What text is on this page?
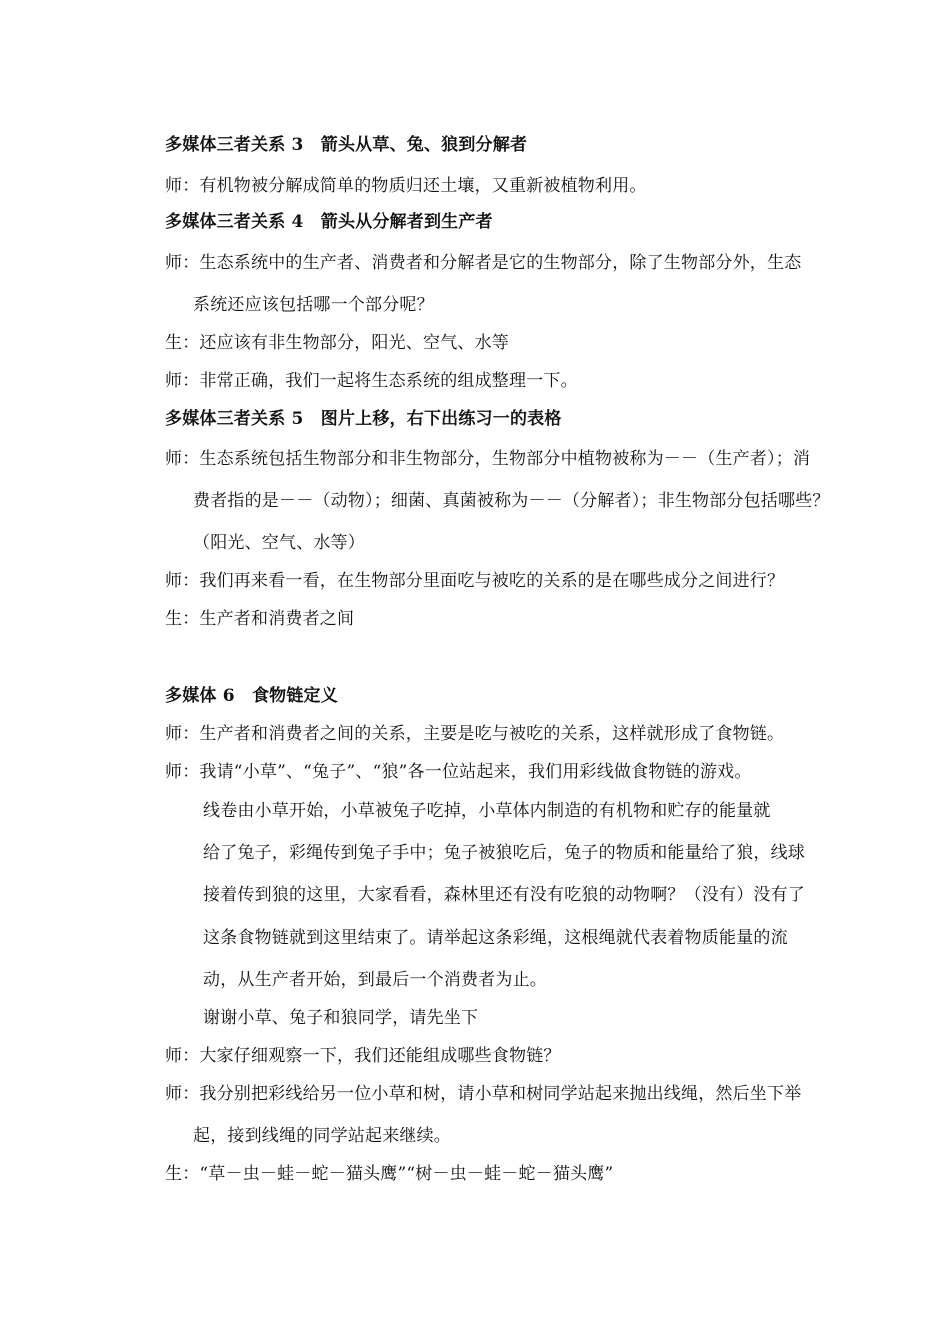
多媒体三者关系 3　箭头从草、兔、狼到分解者
师：有机物被分解成简单的物质归还土壤，又重新被植物利用。
多媒体三者关系 4　箭头从分解者到生产者
师：生态系统中的生产者、消费者和分解者是它的生物部分，除了生物部分外，生态
系统还应该包括哪一个部分呢？
生：还应该有非生物部分，阳光、空气、水等
师：非常正确，我们一起将生态系统的组成整理一下。
多媒体三者关系 5　图片上移，右下出练习一的表格
师：生态系统包括生物部分和非生物部分，生物部分中植物被称为－－（生产者）；消
费者指的是－－（动物）；细菌、真菌被称为－－（分解者）；非生物部分包括哪些？
（阳光、空气、水等）
师：我们再来看一看，在生物部分里面吃与被吃的关系的是在哪些成分之间进行？
生：生产者和消费者之间
多媒体 6　食物链定义
师：生产者和消费者之间的关系，主要是吃与被吃的关系，这样就形成了食物链。
师：我请“小草”、“兔子”、“狼”各一位站起来，我们用彩线做食物链的游戏。
线卷由小草开始，小草被兔子吃掉，小草体内制造的有机物和贮存的能量就
给了兔子，彩绳传到兔子手中；兔子被狼吃后，兔子的物质和能量给了狼，线球
接着传到狼的这里，大家看看，森林里还有没有吃狼的动物啊？（没有）没有了
这条食物链就到这里结束了。请举起这条彩绳，这根绳就代表着物质能量的流
动，从生产者开始，到最后一个消费者为止。
谢谢小草、兔子和狼同学，请先坐下
师：大家仔细观察一下，我们还能组成哪些食物链？
师：我分别把彩线给另一位小草和树，请小草和树同学站起来抛出线绳，然后坐下举
起，接到线绳的同学站起来继续。
生：“草－虫－蛙－蛇－猫头鹰”“树－虫－蛙－蛇－猫头鹰”
